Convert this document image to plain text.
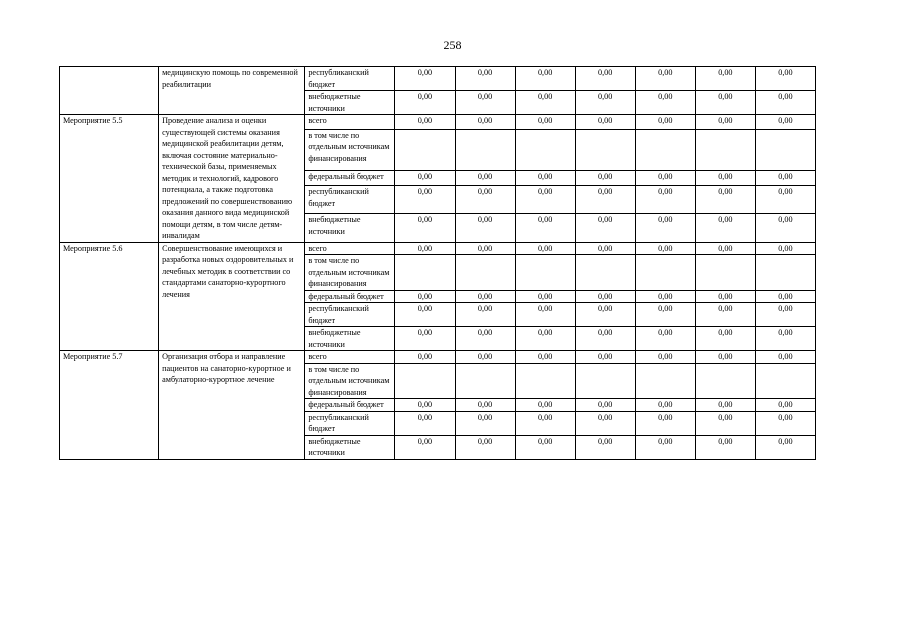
258
	медицинскую помощь по современной реабилитации	республиканский бюджет	0,00	0,00	0,00	0,00	0,00	0,00	0,00
		внебюджетные источники	0,00	0,00	0,00	0,00	0,00	0,00	0,00
Мероприятие 5.5	Проведение анализа и оценки существующей системы оказания медицинской реабилитации детям, включая состояние материально-технической базы, применяемых методик и технологий, кадрового потенциала, а также подготовка предложений по совершенствованию оказания данного вида медицинской помощи детям, в том числе детям-инвалидам	всего	0,00	0,00	0,00	0,00	0,00	0,00	0,00
		в том числе по отдельным источникам финансирования							
		федеральный бюджет	0,00	0,00	0,00	0,00	0,00	0,00	0,00
		республиканский бюджет	0,00	0,00	0,00	0,00	0,00	0,00	0,00
		внебюджетные источники	0,00	0,00	0,00	0,00	0,00	0,00	0,00
Мероприятие 5.6	Совершенствование имеющихся и разработка новых оздоровительных и лечебных методик в соответствии со стандартами санаторно-курортного лечения	всего	0,00	0,00	0,00	0,00	0,00	0,00	0,00
		в том числе по отдельным источникам финансирования							
		федеральный бюджет	0,00	0,00	0,00	0,00	0,00	0,00	0,00
		республиканский бюджет	0,00	0,00	0,00	0,00	0,00	0,00	0,00
		внебюджетные источники	0,00	0,00	0,00	0,00	0,00	0,00	0,00
Мероприятие 5.7	Организация отбора и направление пациентов на санаторно-курортное и амбулаторно-курортное лечение	всего	0,00	0,00	0,00	0,00	0,00	0,00	0,00
		в том числе по отдельным источникам финансирования							
		федеральный бюджет	0,00	0,00	0,00	0,00	0,00	0,00	0,00
		республиканский бюджет	0,00	0,00	0,00	0,00	0,00	0,00	0,00
		внебюджетные источники	0,00	0,00	0,00	0,00	0,00	0,00	0,00
